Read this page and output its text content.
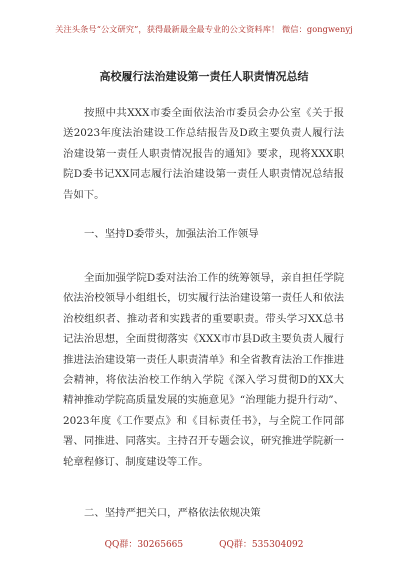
关注头条号“公文研究”，获得最新最全最专业的公文资料库！ 微信：gongwenyj
高校履行法治建设第一责任人职责情况总结

按照中共XXX市委全面依法治市委员会办公室《关于报送2023年度法治建设工作总结报告及D政主要负责人履行法治建设第一责任人职责情况报告的通知》要求，现将XXX职院D委书记XX同志履行法治建设第一责任人职责情况总结报告如下。

一、坚持D委带头，加强法治工作领导

全面加强学院D委对法治工作的统筹领导，亲自担任学院依法治校领导小组组长，切实履行法治建设第一责任人和依法治校组织者、推动者和实践者的重要职责。带头学习XX总书记法治思想，全面贯彻落实《XXX市市县D政主要负责人履行推进法治建设第一责任人职责清单》和全省教育法治工作推进会精神，将依法治校工作纳入学院《深入学习贯彻D的XX大精神推动学院高质量发展的实施意见》“治理能力提升行动”、2023年度《工作要点》和《目标责任书》，与全院工作同部署、同推进、同落实。主持召开专题会议，研究推进学院新一轮章程修订、制度建设等工作。

二、坚持严把关口，严格依法依规决策
QQ群：30265665	QQ群：535304092
